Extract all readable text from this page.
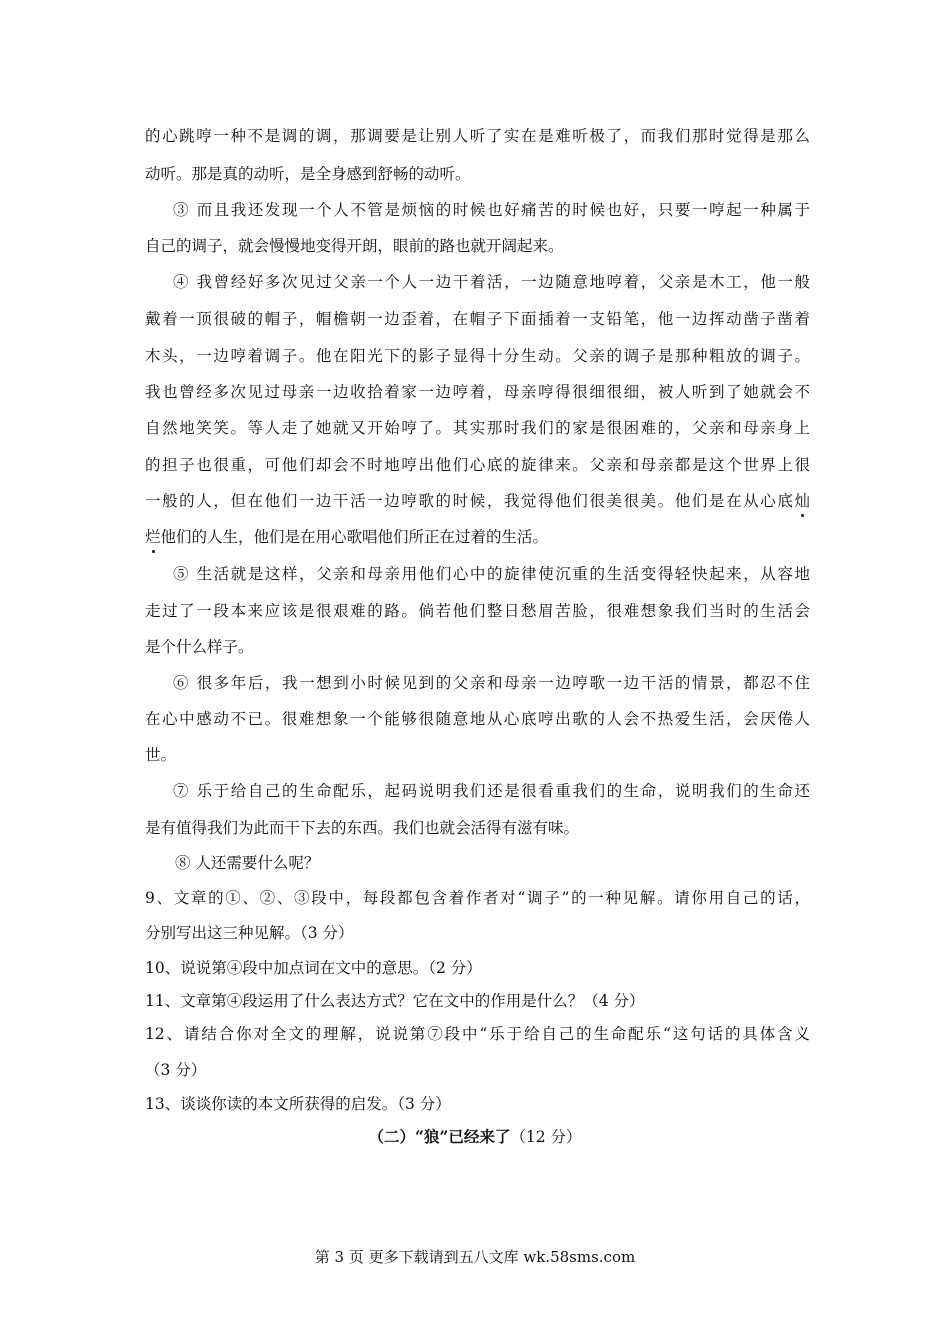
的心跳哼一种不是调的调，那调要是让别人听了实在是难听极了，而我们那时觉得是那么
动听。那是真的动听，是全身感到舒畅的动听。
③ 而且我还发现一个人不管是烦恼的时候也好痛苦的时候也好，只要一哼起一种属于
自己的调子，就会慢慢地变得开朗，眼前的路也就开阔起来。
④ 我曾经好多次见过父亲一个人一边干着活，一边随意地哼着，父亲是木工，他一般
戴着一顶很破的帽子，帽檐朝一边歪着，在帽子下面插着一支铅笔，他一边挥动凿子凿着
木头，一边哼着调子。他在阳光下的影子显得十分生动。父亲的调子是那种粗放的调子。
我也曾经多次见过母亲一边收拾着家一边哼着，母亲哼得很细很细，被人听到了她就会不
自然地笑笑。等人走了她就又开始哼了。其实那时我们的家是很困难的，父亲和母亲身上
的担子也很重，可他们却会不时地哼出他们心底的旋律来。父亲和母亲都是这个世界上很
一般的人，但在他们一边干活一边哼歌的时候，我觉得他们很美很美。他们是在从心底灿
烂他们的人生，他们是在用心歌唱他们所正在过着的生活。
⑤ 生活就是这样，父亲和母亲用他们心中的旋律使沉重的生活变得轻快起来，从容地
走过了一段本来应该是很艰难的路。倘若他们整日愁眉苦脸，很难想象我们当时的生活会
是个什么样子。
⑥ 很多年后，我一想到小时候见到的父亲和母亲一边哼歌一边干活的情景，都忍不住
在心中感动不已。很难想象一个能够很随意地从心底哼出歌的人会不热爱生活，会厌倦人
世。
⑦ 乐于给自己的生命配乐，起码说明我们还是很看重我们的生命，说明我们的生命还
是有值得我们为此而干下去的东西。我们也就会活得有滋有味。
⑧ 人还需要什么呢？
9、文章的①、②、③段中，每段都包含着作者对“调子”的一种见解。请你用自己的话，
分别写出这三种见解。（3 分）
10、说说第④段中加点词在文中的意思。（2 分）
11、文章第④段运用了什么表达方式？它在文中的作用是什么？（4 分）
12、请结合你对全文的理解，说说第⑦段中“乐于给自己的生命配乐“这句话的具体含义
（3 分）
13、谈谈你读的本文所获得的启发。（3 分）
（二）“狼”已经来了（12 分）
第 3 页 更多下载请到五八文库 wk.58sms.com
